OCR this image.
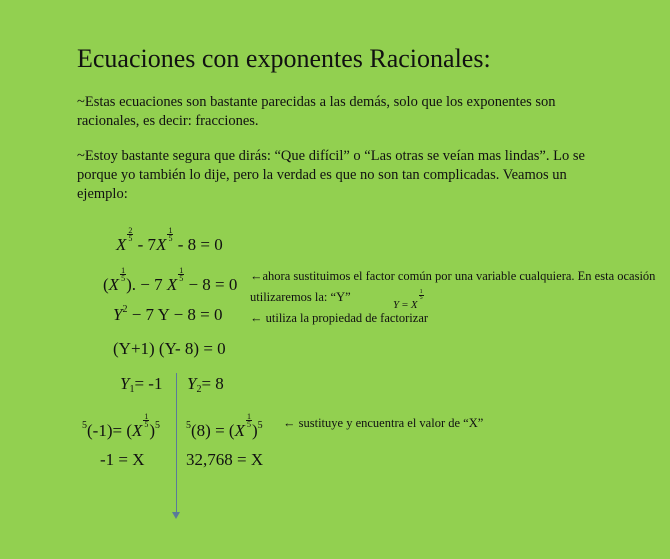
Ecuaciones con exponentes Racionales:
~Estas ecuaciones son bastante parecidas a las demás, solo que los exponentes son racionales, es decir: fracciones.
~Estoy bastante segura que dirás: “Que difícil” o “Las otras se veían mas lindas”. Lo se porque yo también lo dije, pero la verdad es que no son tan complicadas. Veamos un ejemplo:
X
$\frac{2}{5}$
- 7X
$\frac{1}{5}$
- 8 = 0
(X
$\frac{1}{5}$
). − 7 X
$\frac{1}{5}$
− 8 = 0 ←ahora sustituimos el factor común por una variable cualquiera. En esta ocasión
utilizaremos la: “Y”
Y = X
$\frac{1}{5}$
$Y^2 - 7$ Y − 8 = 0 ← utiliza la propiedad de factorizar
(Y+1) (Y- 8) = 0
$Y_1= -1$ $Y_2= 8$
$^5$(-1)= (X
$\frac{1}{5}$
)$^5$	$^5$(8) = (X
$\frac{1}{5}$
)$^5$ ← sustituye y encuentra el valor de “X”
-1 = X 32,768 = X
